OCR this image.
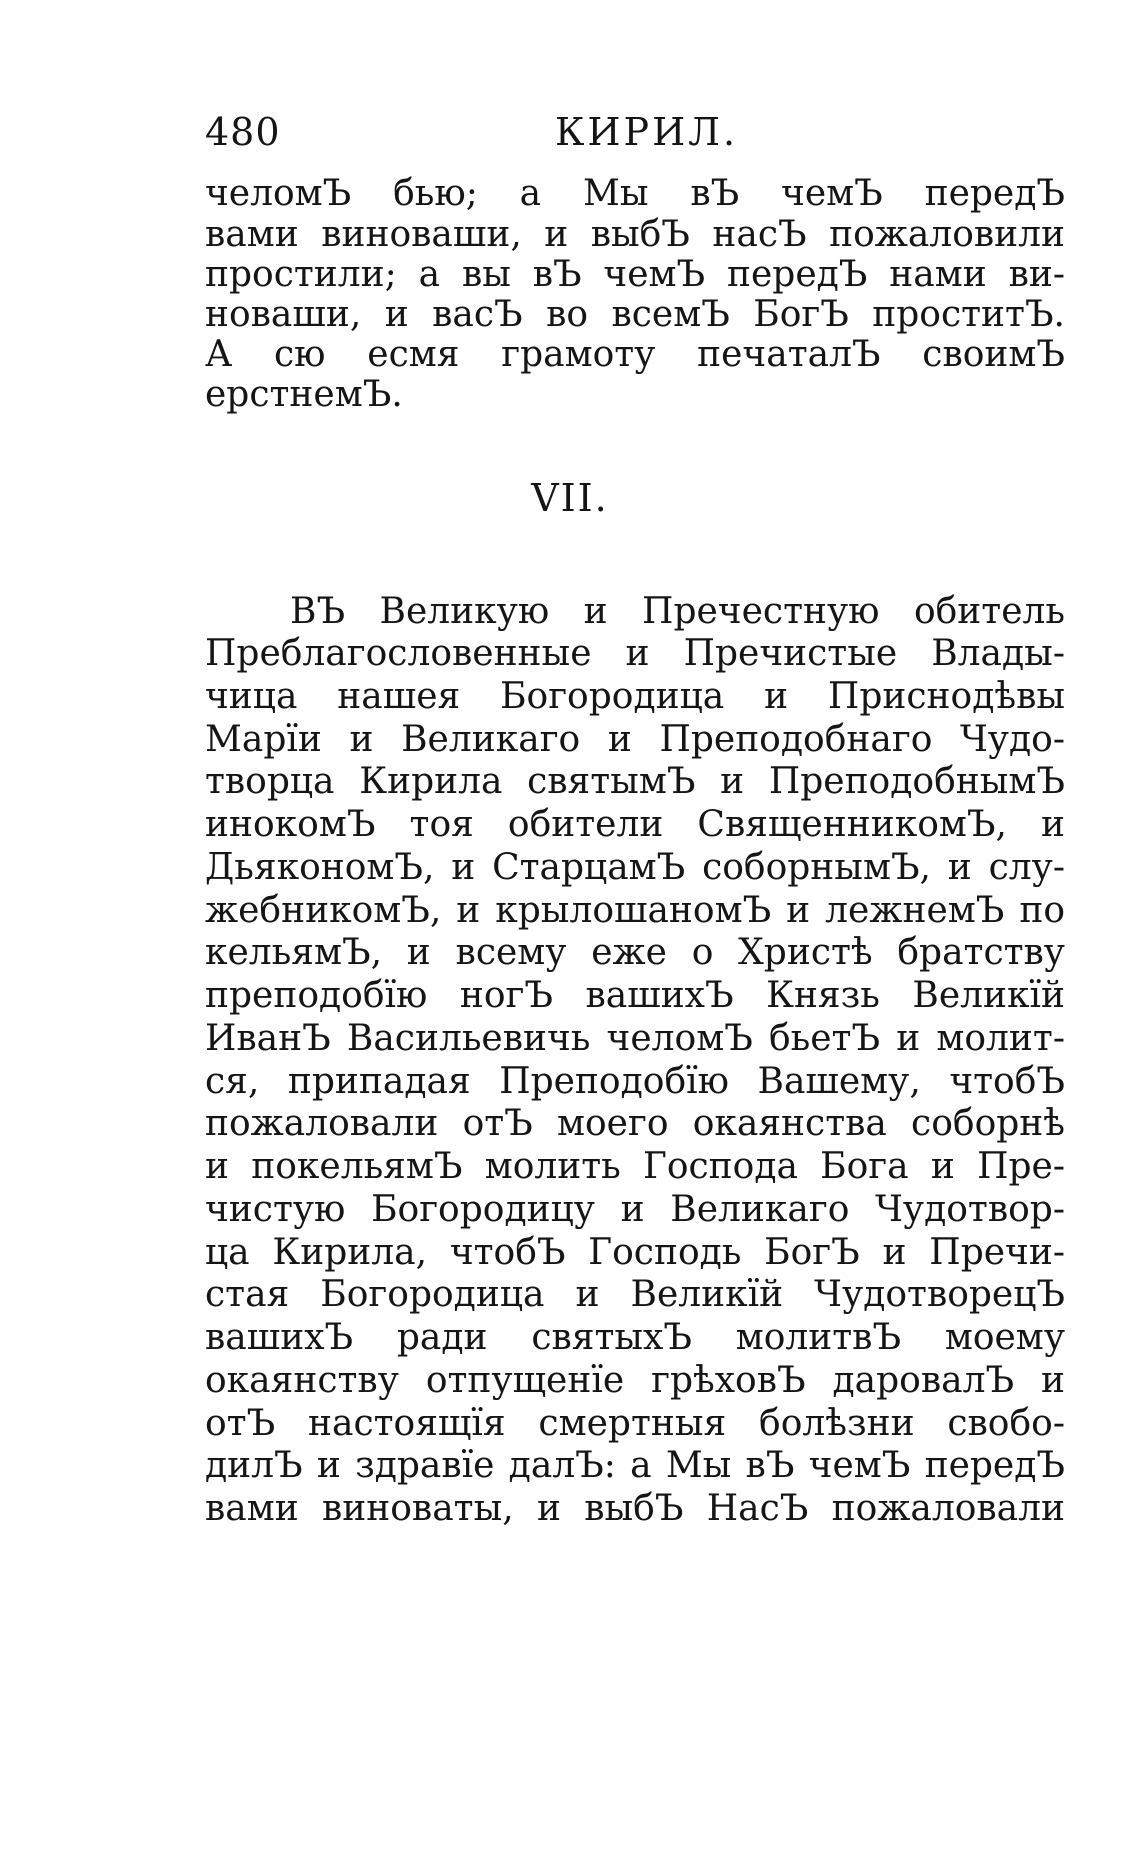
480	КИРИЛ.
челомЪ бью; а Мы вЪ чемЪ передЪ
вами виноваши, и выбЪ насЪ пожаловили
простили; а вы вЪ чемЪ передЪ нами ви-
новаши, и васЪ во всемЪ БогЪ проститЪ.
А сю есмя грамоту печаталЪ своимЪ
ерстнемЪ.
VII.
ВЪ Великую и Пречестную обитель
Преблагословенные и Пречистые Влады-
чица нашея Богородица и Приснодѣвы
Марïи и Великаго и Преподобнаго Чудо-
творца Кирила святымЪ и ПреподобнымЪ
инокомЪ тоя обители СвященникомЪ, и
ДьякономЪ, и СтарцамЪ соборнымЪ, и слу-
жебникомЪ, и крылошаномЪ и лежнемЪ по
кельямЪ, и всему еже о Христѣ братству
преподобïю ногЪ вашихЪ Князь Великïй
ИванЪ Васильевичь челомЪ бьетЪ и молит-
ся, припадая Преподобïю Вашему, чтобЪ
пожаловали отЪ моего окаянства соборнѣ
и покельямЪ молить Господа Бога и Пре-
чистую Богородицу и Великаго Чудотвор-
ца Кирила, чтобЪ Господь БогЪ и Пречи-
стая Богородица и Великïй ЧудотворецЪ
вашихЪ ради святыхЪ молитвЪ моему
окаянству отпущенïе грѣховЪ даровалЪ и
отЪ настоящïя смертныя болѣзни свобо-
дилЪ и здравïе далЪ: а Мы вЪ чемЪ передЪ
вами виноваты, и выбЪ НасЪ пожаловали
